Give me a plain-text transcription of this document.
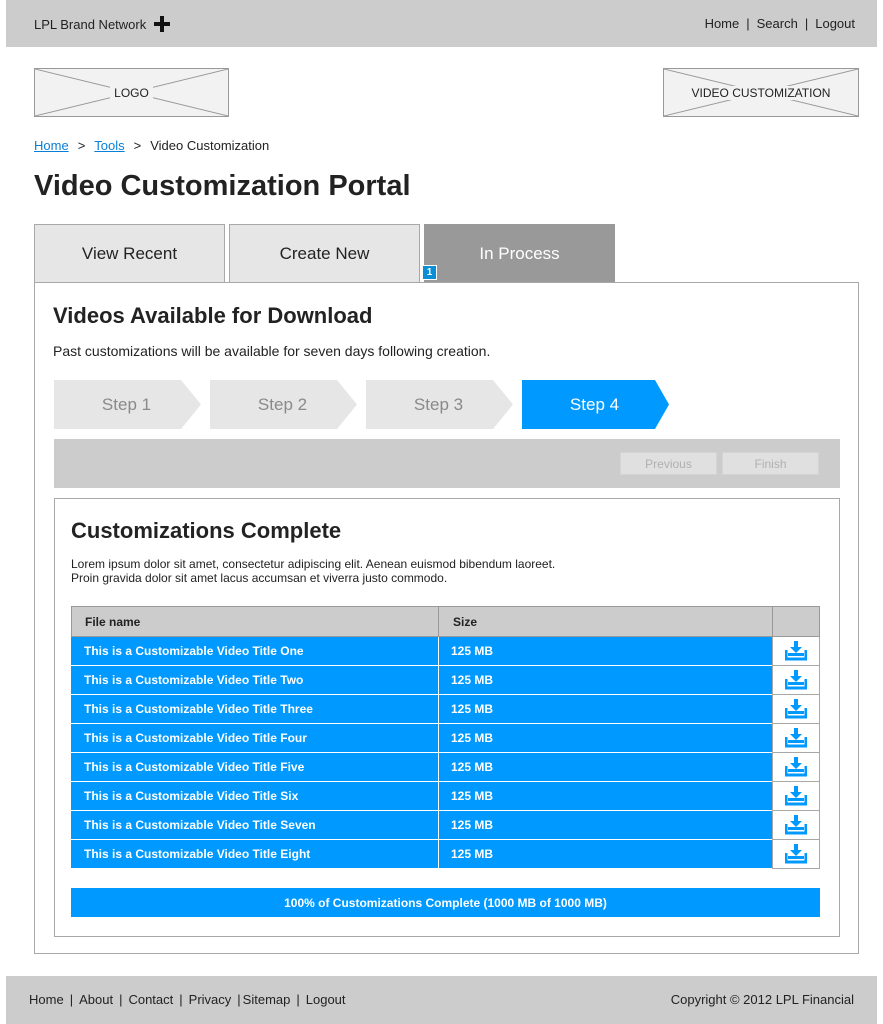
LPL Brand Network	Home | Search | Logout
LOGO	VIDEO CUSTOMIZATION
Home > Tools > Video Customization
Video Customization Portal
View Recent	Create New	In Process
1
Videos Available for Download

Past customizations will be available for seven days following creation.

Step 1	Step 2	Step 3	Step 4
Previous	Finish
Customizations Complete
Lorem ipsum dolor sit amet, consectetur adipiscing elit. Aenean euismod bibendum laoreet.
Proin gravida dolor sit amet lacus accumsan et viverra justo commodo.
File name	Size
This is a Customizable Video Title One	125 MB
This is a Customizable Video Title Two	125 MB
This is a Customizable Video Title Three	125 MB
This is a Customizable Video Title Four	125 MB
This is a Customizable Video Title Five	125 MB
This is a Customizable Video Title Six	125 MB
This is a Customizable Video Title Seven	125 MB
This is a Customizable Video Title Eight	125 MB
100% of Customizations Complete (1000 MB of 1000 MB)
Home | About | Contact | Privacy | Sitemap | Logout	Copyright © 2012 LPL Financial
